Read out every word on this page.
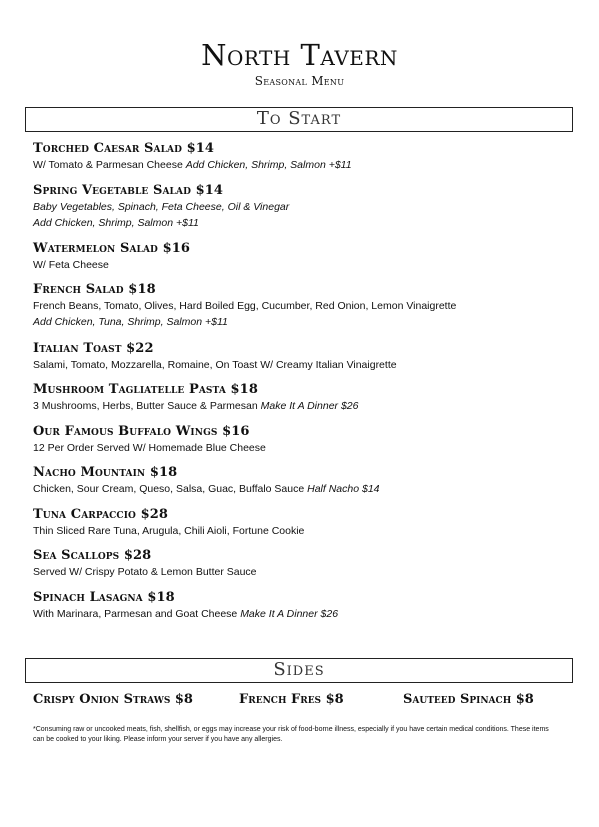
North Tavern
Seasonal Menu
To Start
Torched Caesar Salad $14
W/ Tomato & Parmesan Cheese Add Chicken, Shrimp, Salmon +$11
Spring Vegetable Salad $14
Baby Vegetables, Spinach, Feta Cheese, Oil & Vinegar
Add Chicken, Shrimp, Salmon +$11
Watermelon Salad $16
W/ Feta Cheese
French Salad $18
French Beans, Tomato, Olives, Hard Boiled Egg, Cucumber, Red Onion, Lemon Vinaigrette
Add Chicken, Tuna, Shrimp, Salmon +$11
Italian Toast $22
Salami, Tomato, Mozzarella, Romaine, On Toast W/ Creamy Italian Vinaigrette
Mushroom Tagliatelle Pasta $18
3 Mushrooms, Herbs, Butter Sauce & Parmesan Make It A Dinner $26
Our Famous Buffalo Wings $16
12 Per Order Served W/ Homemade Blue Cheese
Nacho Mountain $18
Chicken, Sour Cream, Queso, Salsa, Guac, Buffalo Sauce Half Nacho $14
Tuna Carpaccio $28
Thin Sliced Rare Tuna, Arugula, Chili Aioli, Fortune Cookie
Sea Scallops $28
Served W/ Crispy Potato & Lemon Butter Sauce
Spinach Lasagna $18
With Marinara, Parmesan and Goat Cheese Make It A Dinner $26
Sides
Crispy Onion Straws $8	French Fres $8	Sauteed Spinach $8
*Consuming raw or uncooked meats, fish, shellfish, or eggs may increase your risk of food-borne illness, especially if you have certain medical conditions. These items can be cooked to your liking. Please inform your server if you have any allergies.
